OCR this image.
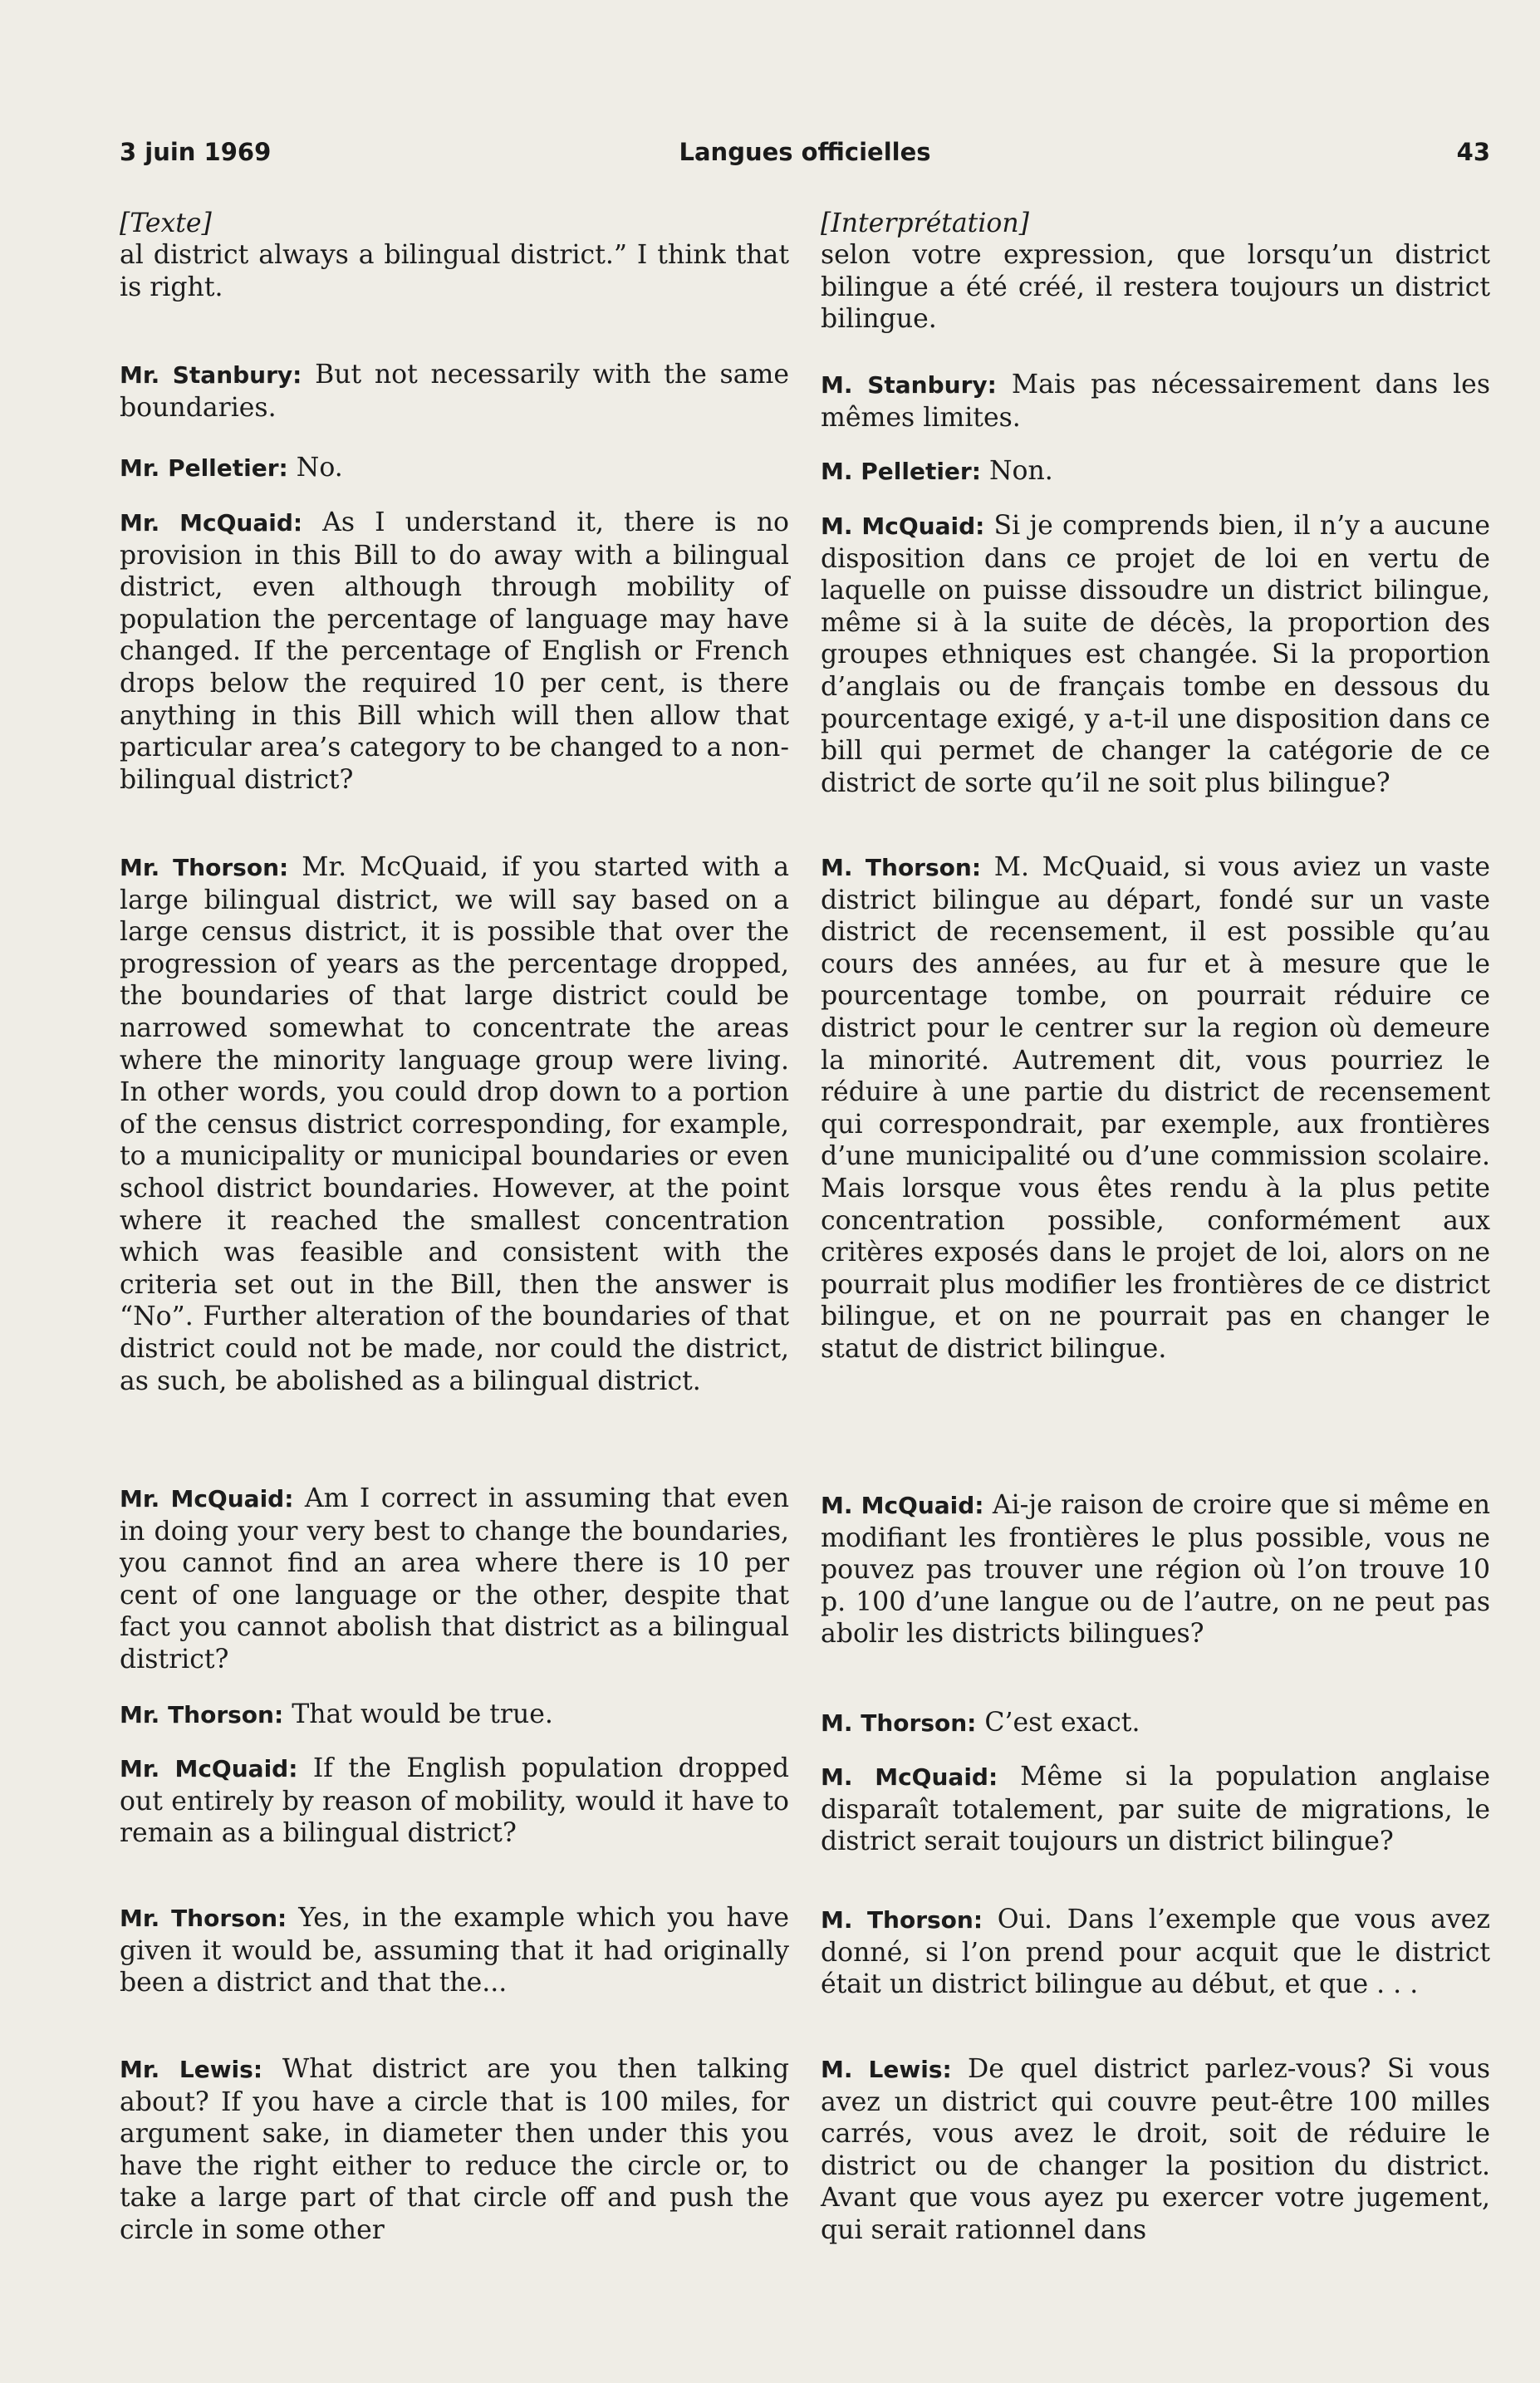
3 juin 1969	Langues officielles	43

[Texte]

al district always a bilingual district.” I think that is right.

Mr. Stanbury: But not necessarily with the same boundaries.

Mr. Pelletier: No.

Mr. McQuaid: As I understand it, there is no provision in this Bill to do away with a bilingual district, even although through mobility of population the percentage of language may have changed. If the percentage of English or French drops below the required 10 per cent, is there anything in this Bill which will then allow that particular area’s category to be changed to a non-bilingual district?

Mr. Thorson: Mr. McQuaid, if you started with a large bilingual district, we will say based on a large census district, it is possible that over the progression of years as the percentage dropped, the boundaries of that large district could be narrowed somewhat to concentrate the areas where the minority language group were living. In other words, you could drop down to a portion of the census district corresponding, for example, to a municipality or municipal boundaries or even school district boundaries. However, at the point where it reached the smallest concentration which was feasible and consistent with the criteria set out in the Bill, then the answer is “No”. Further alteration of the boundaries of that district could not be made, nor could the district, as such, be abolished as a bilingual district.

Mr. McQuaid: Am I correct in assuming that even in doing your very best to change the boundaries, you cannot find an area where there is 10 per cent of one language or the other, despite that fact you cannot abolish that district as a bilingual district?

Mr. Thorson: That would be true.

Mr. McQuaid: If the English population dropped out entirely by reason of mobility, would it have to remain as a bilingual district?

Mr. Thorson: Yes, in the example which you have given it would be, assuming that it had originally been a district and that the...

Mr. Lewis: What district are you then talking about? If you have a circle that is 100 miles, for argument sake, in diameter then under this you have the right either to reduce the circle or, to take a large part of that circle off and push the circle in some other

[Interprétation]

selon votre expression, que lorsqu’un district bilingue a été créé, il restera toujours un district bilingue.

M. Stanbury: Mais pas nécessairement dans les mêmes limites.

M. Pelletier: Non.

M. McQuaid: Si je comprends bien, il n’y a aucune disposition dans ce projet de loi en vertu de laquelle on puisse dissoudre un district bilingue, même si à la suite de décès, la proportion des groupes ethniques est changée. Si la proportion d’anglais ou de français tombe en dessous du pourcentage exigé, y a-t-il une disposition dans ce bill qui permet de changer la catégorie de ce district de sorte qu’il ne soit plus bilingue?

M. Thorson: M. McQuaid, si vous aviez un vaste district bilingue au départ, fondé sur un vaste district de recensement, il est possible qu’au cours des années, au fur et à mesure que le pourcentage tombe, on pourrait réduire ce district pour le centrer sur la region où demeure la minorité. Autrement dit, vous pourriez le réduire à une partie du district de recensement qui correspondrait, par exemple, aux frontières d’une municipalité ou d’une commission scolaire. Mais lorsque vous êtes rendu à la plus petite concentration possible, conformément aux critères exposés dans le projet de loi, alors on ne pourrait plus modifier les frontières de ce district bilingue, et on ne pourrait pas en changer le statut de district bilingue.

M. McQuaid: Ai-je raison de croire que si même en modifiant les frontières le plus possible, vous ne pouvez pas trouver une région où l’on trouve 10 p. 100 d’une langue ou de l’autre, on ne peut pas abolir les districts bilingues?

M. Thorson: C’est exact.

M. McQuaid: Même si la population anglaise disparaît totalement, par suite de migrations, le district serait toujours un district bilingue?

M. Thorson: Oui. Dans l’exemple que vous avez donné, si l’on prend pour acquit que le district était un district bilingue au début, et que . . .

M. Lewis: De quel district parlez-vous? Si vous avez un district qui couvre peut-être 100 milles carrés, vous avez le droit, soit de réduire le district ou de changer la position du district. Avant que vous ayez pu exercer votre jugement, qui serait rationnel dans
